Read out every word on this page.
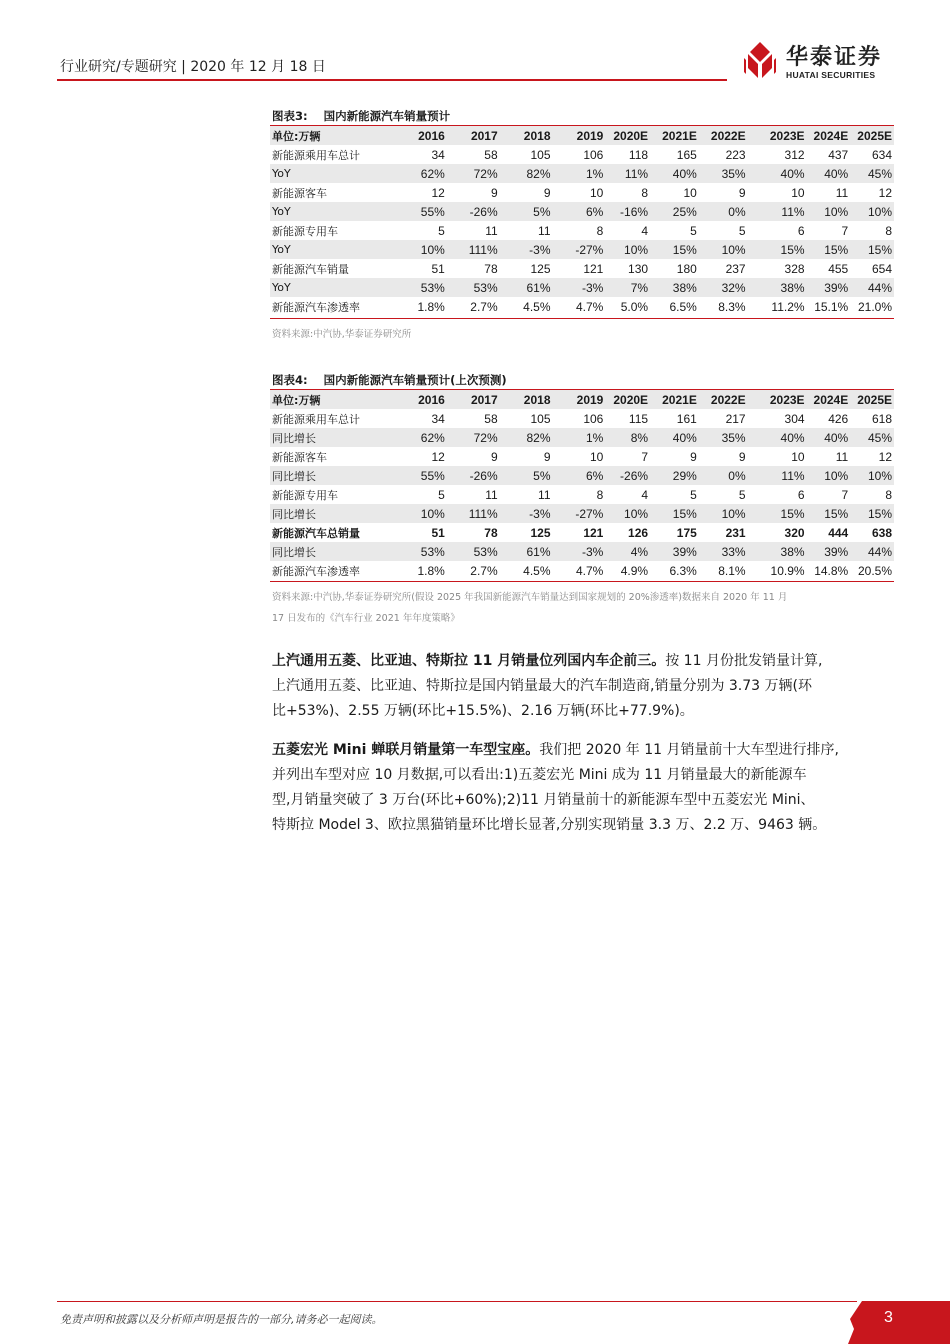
行业研究/专题研究 | 2020 年 12 月 18 日	华泰证券
HUATAI SECURITIES
图表3: 国内新能源汽车销量预计
单位:万辆	2016	2017	2018	2019	2020E	2021E	2022E	2023E	2024E	2025E
新能源乘用车总计	34	58	105	106	118	165	223	312	437	634
YoY	62%	72%	82%	1%	11%	40%	35%	40%	40%	45%
新能源客车	12	9	9	10	8	10	9	10	11	12
YoY	55%	-26%	5%	6%	-16%	25%	0%	11%	10%	10%
新能源专用车	5	11	11	8	4	5	5	6	7	8
YoY	10%	111%	-3%	-27%	10%	15%	10%	15%	15%	15%
新能源汽车销量	51	78	125	121	130	180	237	328	455	654
YoY	53%	53%	61%	-3%	7%	38%	32%	38%	39%	44%
新能源汽车渗透率	1.8%	2.7%	4.5%	4.7%	5.0%	6.5%	8.3%	11.2%	15.1%	21.0%
资料来源:中汽协,华泰证券研究所
图表4: 国内新能源汽车销量预计(上次预测)
单位:万辆	2016	2017	2018	2019	2020E	2021E	2022E	2023E	2024E	2025E
新能源乘用车总计	34	58	105	106	115	161	217	304	426	618
同比增长	62%	72%	82%	1%	8%	40%	35%	40%	40%	45%
新能源客车	12	9	9	10	7	9	9	10	11	12
同比增长	55%	-26%	5%	6%	-26%	29%	0%	11%	10%	10%
新能源专用车	5	11	11	8	4	5	5	6	7	8
同比增长	10%	111%	-3%	-27%	10%	15%	10%	15%	15%	15%
新能源汽车总销量	51	78	125	121	126	175	231	320	444	638
同比增长	53%	53%	61%	-3%	4%	39%	33%	38%	39%	44%
新能源汽车渗透率	1.8%	2.7%	4.5%	4.7%	4.9%	6.3%	8.1%	10.9%	14.8%	20.5%
资料来源:中汽协,华泰证券研究所(假设 2025 年我国新能源汽车销量达到国家规划的 20%渗透率)数据来自 2020 年 11 月
17 日发布的《汽车行业 2021 年年度策略》
上汽通用五菱、比亚迪、特斯拉 11 月销量位列国内车企前三。按 11 月份批发销量计算,
上汽通用五菱、比亚迪、特斯拉是国内销量最大的汽车制造商,销量分别为 3.73 万辆(环
比+53%)、2.55 万辆(环比+15.5%)、2.16 万辆(环比+77.9%)。
五菱宏光 Mini 蝉联月销量第一车型宝座。我们把 2020 年 11 月销量前十大车型进行排序,
并列出车型对应 10 月数据,可以看出:1)五菱宏光 Mini 成为 11 月销量最大的新能源车
型,月销量突破了 3 万台(环比+60%);2)11 月销量前十的新能源车型中五菱宏光 Mini、
特斯拉 Model 3、欧拉黑猫销量环比增长显著,分别实现销量 3.3 万、2.2 万、9463 辆。
免责声明和披露以及分析师声明是报告的一部分,请务必一起阅读。	3
